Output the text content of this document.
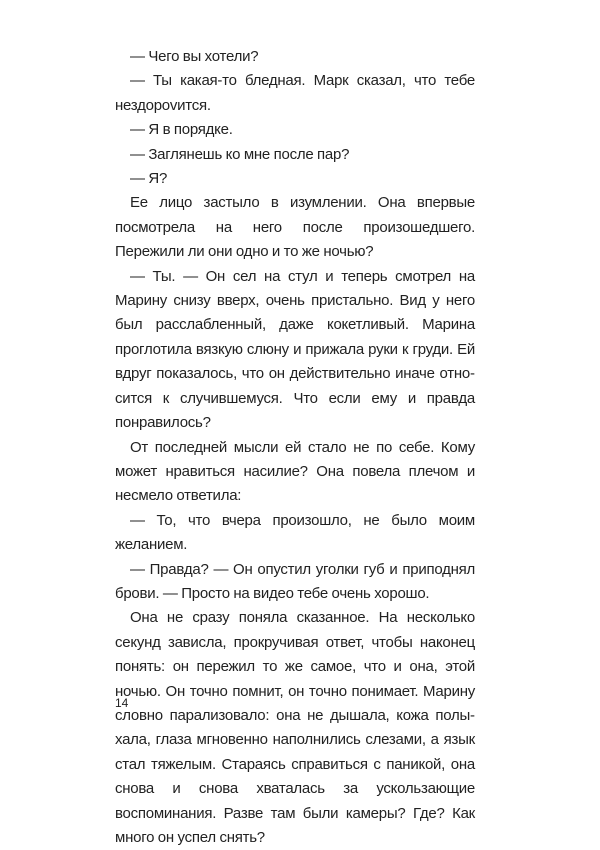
— Чего вы хотели?

— Ты какая-то бледная. Марк сказал, что тебе нездороvится.

— Я в порядке.

— Заглянешь ко мне после пар?

— Я?

Ее лицо застыло в изумлении. Она впервые посмотрела на него после произошедшего. Пережили ли они одно и то же ночью?

— Ты. — Он сел на стул и теперь смотрел на Марину снизу вверх, очень пристально. Вид у него был расслабленный, даже кокетливый. Марина проглотила вязкую слюну и прижала руки к груди. Ей вдруг показалось, что он действительно иначе относится к случившемуся. Что если ему и правда понравилось?

От последней мысли ей стало не по себе. Кому может нравиться насилие? Она повела плечом и несмело ответила:

— То, что вчера произошло, не было моим желанием.

— Правда? — Он опустил уголки губ и приподнял брови. — Просто на видео тебе очень хорошо.

Она не сразу поняла сказанное. На несколько секунд зависла, прокручивая ответ, чтобы наконец понять: он пережил то же самое, что и она, этой ночью. Он точно помнит, он точно понимает. Марину словно парализовало: она не дышала, кожа полыхала, глаза мгновенно наполнились слезами, а язык стал тяжелым. Стараясь справиться с паникой, она снова и снова хваталась за ускользающие воспоминания. Разве там были камеры? Где? Как много он успел снять?

14
